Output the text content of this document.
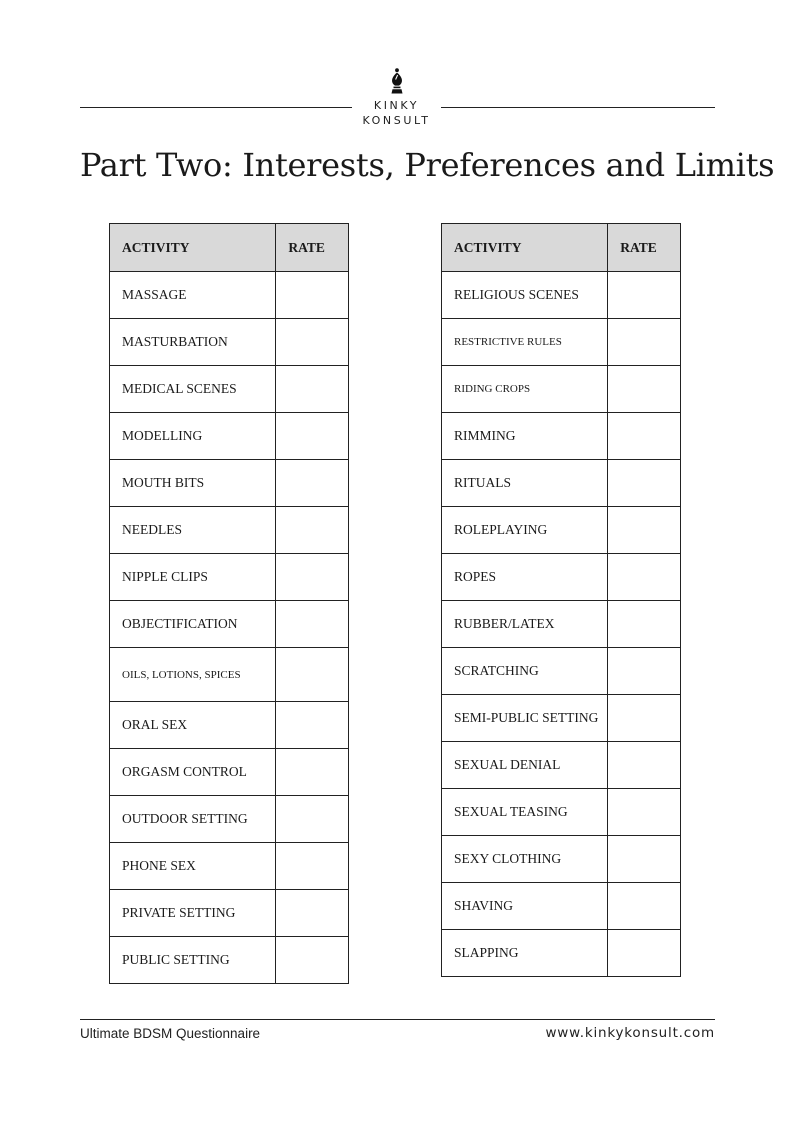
KINKY
KONSULT
Part Two: Interests, Preferences and Limits
ACTIVITY	RATE
MASSAGE	
MASTURBATION	
MEDICAL SCENES	
MODELLING	
MOUTH BITS	
NEEDLES	
NIPPLE CLIPS	
OBJECTIFICATION	
OILS, LOTIONS, SPICES	
ORAL SEX	
ORGASM CONTROL	
OUTDOOR SETTING	
PHONE SEX	
PRIVATE SETTING	
PUBLIC SETTING	
ACTIVITY	RATE
RELIGIOUS SCENES	
RESTRICTIVE RULES	
RIDING CROPS	
RIMMING	
RITUALS	
ROLEPLAYING	
ROPES	
RUBBER/LATEX	
SCRATCHING	
SEMI-PUBLIC SETTING	
SEXUAL DENIAL	
SEXUAL TEASING	
SEXY CLOTHING	
SHAVING	
SLAPPING	
Ultimate BDSM Questionnaire	www.kinkykonsult.com
